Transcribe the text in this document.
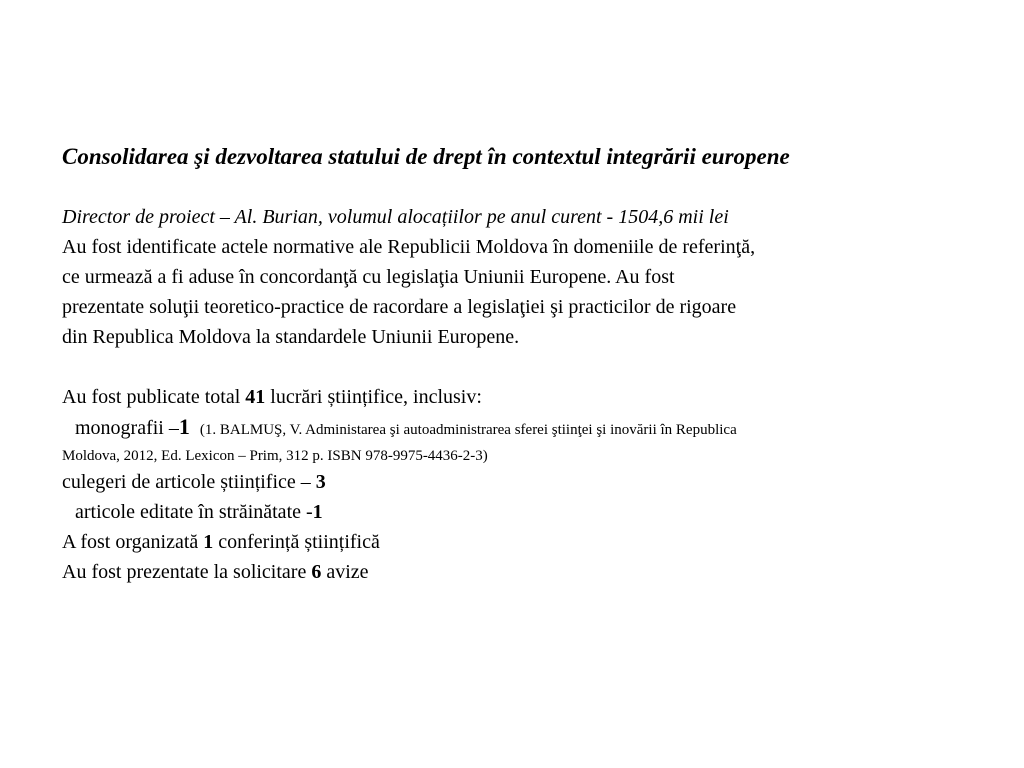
Consolidarea şi dezvoltarea statului de drept în contextul integrării europene
Director de proiect – Al. Burian, volumul alocațiilor pe anul curent - 1504,6 mii lei
Au fost identificate actele normative ale Republicii Moldova în domeniile de referinţă,
ce urmează a fi aduse în concordanţă cu legislaţia Uniunii Europene. Au fost
prezentate soluţii teoretico-practice de racordare a legislaţiei şi practicilor de rigoare
din Republica Moldova la standardele Uniunii Europene.
Au fost publicate total 41 lucrări științifice, inclusiv:
monografii –1 (1. BALMUŞ, V. Administarea şi autoadministrarea sferei ştiinţei şi inovării în Republica
Moldova, 2012, Ed. Lexicon – Prim, 312 p. ISBN 978-9975-4436-2-3)
culegeri de articole științifice – 3
articole editate în străinătate -1
A fost organizată 1 conferință științifică
Au fost prezentate la solicitare 6 avize
